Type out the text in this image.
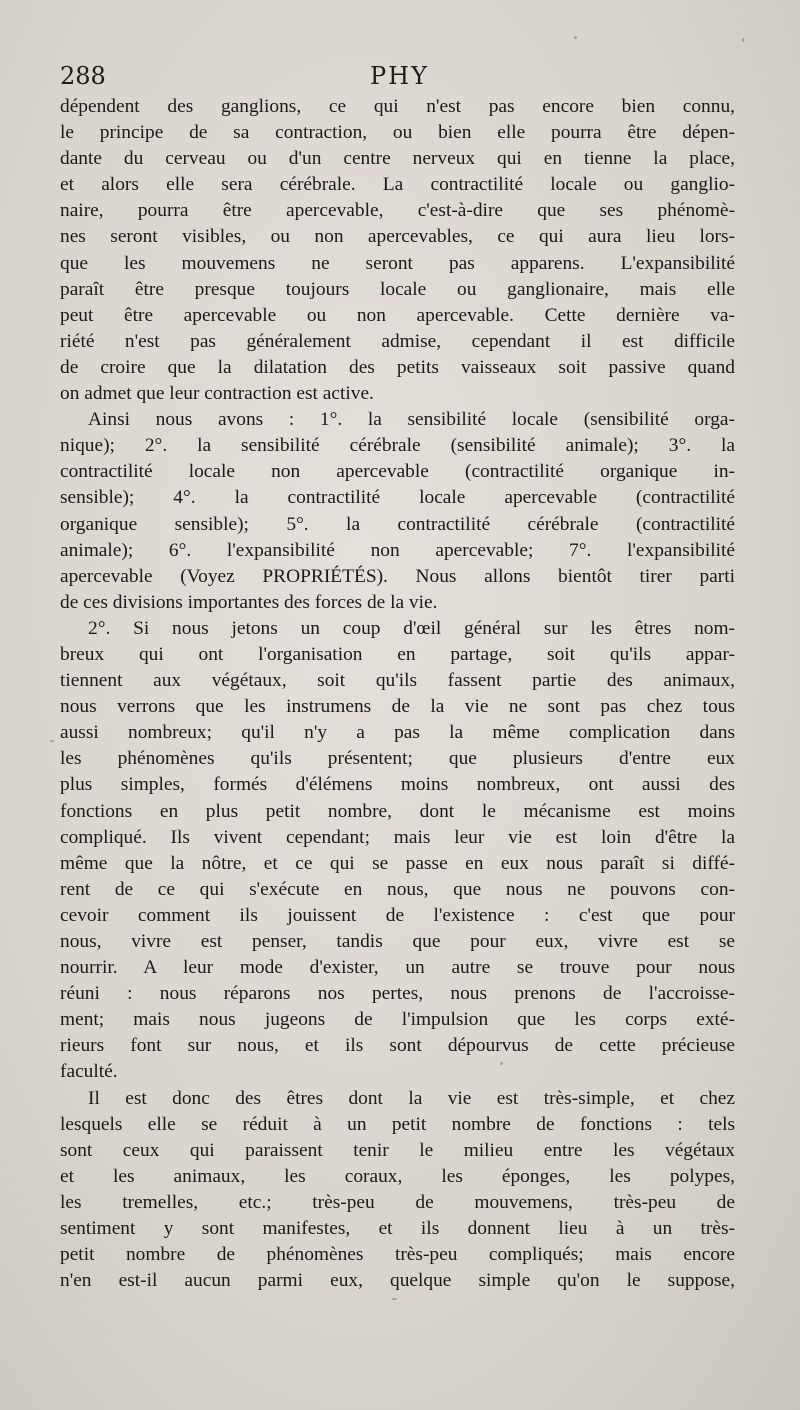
288	PHY
dépendent des ganglions, ce qui n'est pas encore bien connu,
le principe de sa contraction, ou bien elle pourra être dépen-
dante du cerveau ou d'un centre nerveux qui en tienne la place,
et alors elle sera cérébrale. La contractilité locale ou ganglio-
naire, pourra être apercevable, c'est-à-dire que ses phénomè-
nes seront visibles, ou non apercevables, ce qui aura lieu lors-
que les mouvemens ne seront pas apparens. L'expansibilité
paraît être presque toujours locale ou ganglionaire, mais elle
peut être apercevable ou non apercevable. Cette dernière va-
riété n'est pas généralement admise, cependant il est difficile
de croire que la dilatation des petits vaisseaux soit passive quand
on admet que leur contraction est active.
Ainsi nous avons : 1°. la sensibilité locale (sensibilité orga-
nique); 2°. la sensibilité cérébrale (sensibilité animale); 3°. la
contractilité locale non apercevable (contractilité organique in-
sensible); 4°. la contractilité locale apercevable (contractilité
organique sensible); 5°. la contractilité cérébrale (contractilité
animale); 6°. l'expansibilité non apercevable; 7°. l'expansibilité
apercevable (Voyez PROPRIÉTÉS). Nous allons bientôt tirer parti
de ces divisions importantes des forces de la vie.
2°. Si nous jetons un coup d'œil général sur les êtres nom-
breux qui ont l'organisation en partage, soit qu'ils appar-
tiennent aux végétaux, soit qu'ils fassent partie des animaux,
nous verrons que les instrumens de la vie ne sont pas chez tous
aussi nombreux; qu'il n'y a pas la même complication dans
les phénomènes qu'ils présentent; que plusieurs d'entre eux
plus simples, formés d'élémens moins nombreux, ont aussi des
fonctions en plus petit nombre, dont le mécanisme est moins
compliqué. Ils vivent cependant; mais leur vie est loin d'être la
même que la nôtre, et ce qui se passe en eux nous paraît si diffé-
rent de ce qui s'exécute en nous, que nous ne pouvons con-
cevoir comment ils jouissent de l'existence : c'est que pour
nous, vivre est penser, tandis que pour eux, vivre est se
nourrir. A leur mode d'exister, un autre se trouve pour nous
réuni : nous réparons nos pertes, nous prenons de l'accroisse-
ment; mais nous jugeons de l'impulsion que les corps exté-
rieurs font sur nous, et ils sont dépourvus de cette précieuse
faculté.
Il est donc des êtres dont la vie est très-simple, et chez
lesquels elle se réduit à un petit nombre de fonctions : tels
sont ceux qui paraissent tenir le milieu entre les végétaux
et les animaux, les coraux, les éponges, les polypes,
les tremelles, etc.; très-peu de mouvemens, très-peu de
sentiment y sont manifestes, et ils donnent lieu à un très-
petit nombre de phénomènes très-peu compliqués; mais encore
n'en est-il aucun parmi eux, quelque simple qu'on le suppose,
